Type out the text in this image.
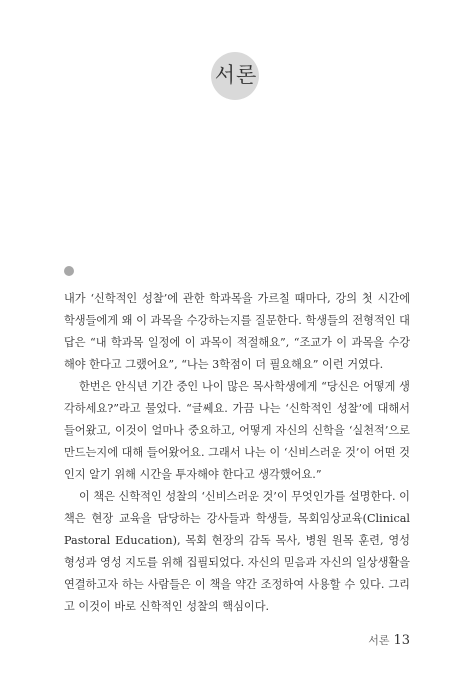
서론

내가 ‘신학적인 성찰’에 관한 학과목을 가르칠 때마다, 강의 첫 시간에 학생들에게 왜 이 과목을 수강하는지를 질문한다. 학생들의 전형적인 대답은 “내 학과목 일정에 이 과목이 적절해요”, “조교가 이 과목을 수강해야 한다고 그랬어요”, “나는 3학점이 더 필요해요” 이런 거였다.

한번은 안식년 기간 중인 나이 많은 목사학생에게 “당신은 어떻게 생각하세요?”라고 물었다. “글쎄요. 가끔 나는 ‘신학적인 성찰’에 대해서 들어왔고, 이것이 얼마나 중요하고, 어떻게 자신의 신학을 ‘실천적’으로 만드는지에 대해 들어왔어요. 그래서 나는 이 ‘신비스러운 것’이 어떤 것인지 알기 위해 시간을 투자해야 한다고 생각했어요.”

이 책은 신학적인 성찰의 ‘신비스러운 것’이 무엇인가를 설명한다. 이 책은 현장 교육을 담당하는 강사들과 학생들, 목회임상교육(Clinical Pastoral Education), 목회 현장의 감독 목사, 병원 원목 훈련, 영성 형성과 영성 지도를 위해 집필되었다. 자신의 믿음과 자신의 일상생활을 연결하고자 하는 사람들은 이 책을 약간 조정하여 사용할 수 있다. 그리고 이것이 바로 신학적인 성찰의 핵심이다.

서론 13
